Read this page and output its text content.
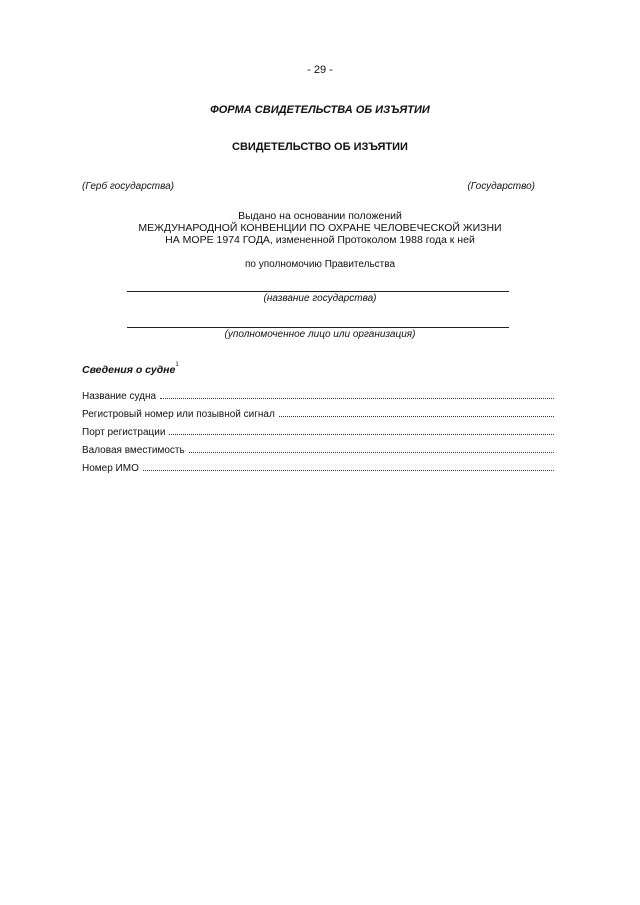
- 29 -
ФОРМА СВИДЕТЕЛЬСТВА ОБ ИЗЪЯТИИ
СВИДЕТЕЛЬСТВО ОБ ИЗЪЯТИИ
(Герб государства)	(Государство)
Выдано на основании положений
МЕЖДУНАРОДНОЙ КОНВЕНЦИИ ПО ОХРАНЕ ЧЕЛОВЕЧЕСКОЙ ЖИЗНИ
НА МОРЕ 1974 ГОДА, измененной Протоколом 1988 года к ней
по уполномочию Правительства
(название государства)
(уполномоченное лицо или организация)
Сведения о судне$^1$
Название судна
Регистровый номер или позывной сигнал
Порт регистрации
Валовая вместимость
Номер ИМО
